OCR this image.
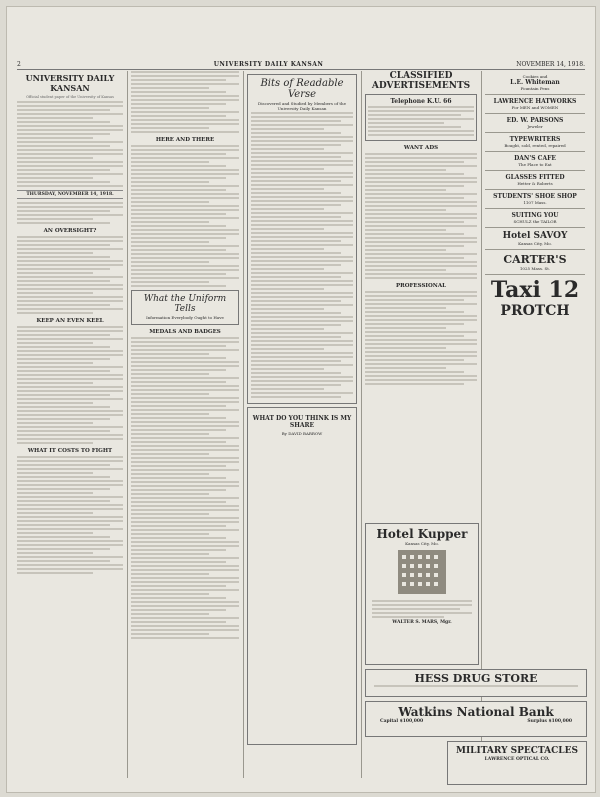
2	UNIVERSITY DAILY KANSAN	NOVEMBER 14, 1918.
UNIVERSITY DAILY KANSAN
Official student paper of the University of Kansas
THURSDAY, NOVEMBER 14, 1918.
AN OVERSIGHT?
KEEP AN EVEN KEEL
WHAT IT COSTS TO FIGHT
HERE AND THERE
What the Uniform Tells
Information Everybody Ought to Have
MEDALS AND BADGES
Bits of Readable Verse
Discovered and Studied by Members of the University Daily Kansan
WHAT DO YOU THINK IS MY SHARE
By DAVID BARROW
CLASSIFIED ADVERTISEMENTS
Telephone K.U. 66
WANT ADS
PROFESSIONAL
Cookies and
L.E. Whiteman
Fountain Pens
LAWRENCE HATWORKS
For MEN and WOMEN
ED. W. PARSONS
Jeweler
TYPEWRITERS
Bought, sold, rented, repaired
DAN'S CAFE
The Place to Eat
GLASSES FITTED
Hetter & Roberts
STUDENTS' SHOE SHOP
1107 Mass.
SUITING YOU
SCHULZ the TAILOR
Hotel SAVOY
Kansas City, Mo.
CARTER'S
1025 Mass. St.
Taxi 12
PROTCH
Hotel Kupper
Kansas City, Mo.
WALTER S. MARS, Mgr.
HESS DRUG STORE
Watkins National Bank
Capital $100,000	Surplus $100,000
MILITARY SPECTACLES
LAWRENCE OPTICAL CO.
